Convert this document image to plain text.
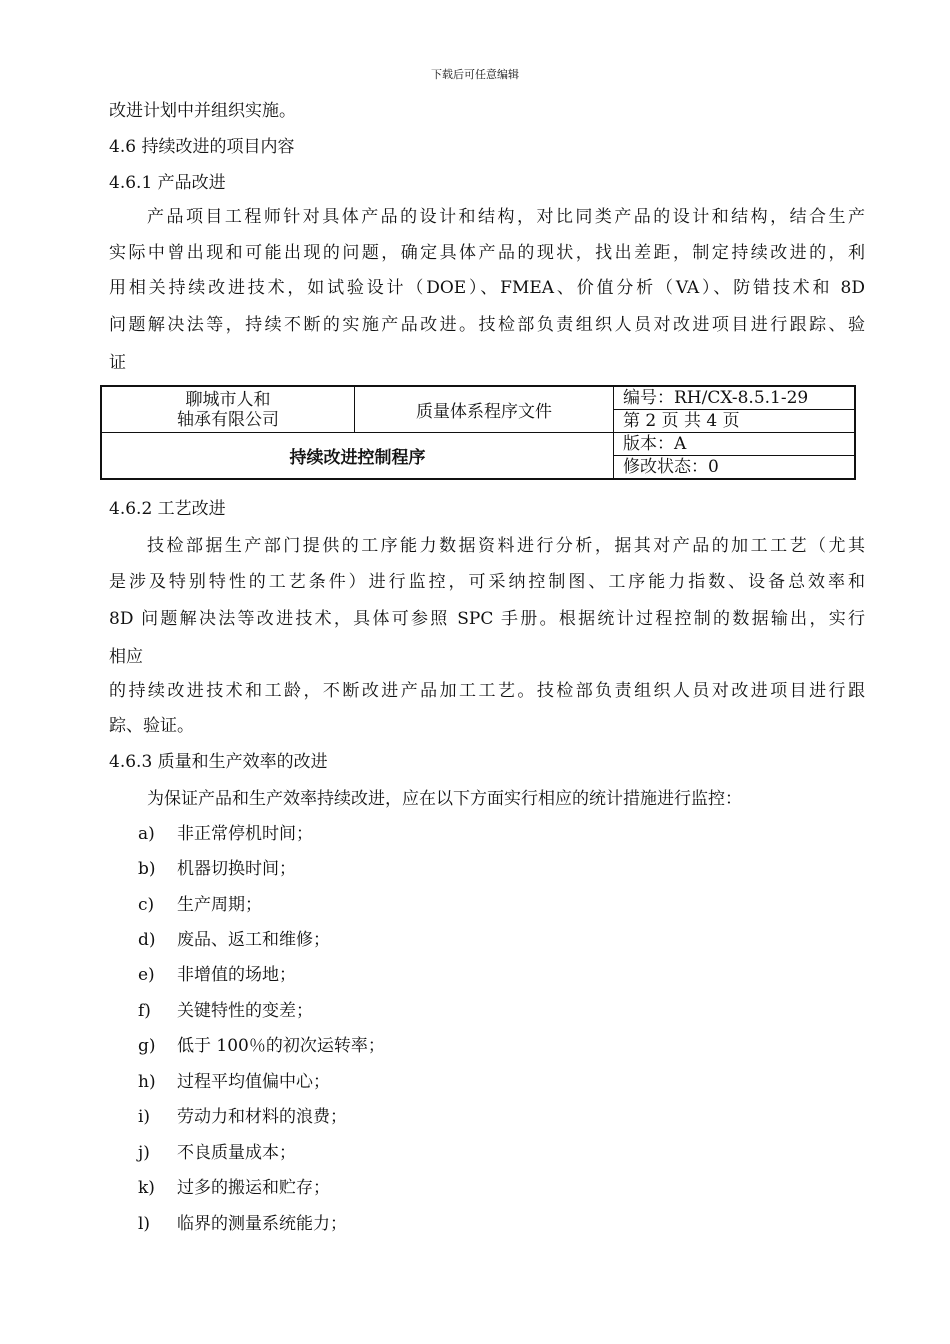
下载后可任意编辑
改进计划中并组织实施。
4.6 持续改进的项目内容
4.6.1 产品改进
产品项目工程师针对具体产品的设计和结构，对比同类产品的设计和结构，结合生产
实际中曾出现和可能出现的问题，确定具体产品的现状，找出差距，制定持续改进的，利
用相关持续改进技术，如试验设计（DOE）、FMEA、价值分析（VA）、防错技术和 8D
问题解决法等，持续不断的实施产品改进。技检部负责组织人员对改进项目进行跟踪、验
证
聊城市人和
轴承有限公司	质量体系程序文件	编号：RH/CX-8.5.1-29
		第 2 页 共 4 页
持续改进控制程序		版本：A
		修改状态：0
4.6.2 工艺改进
技检部据生产部门提供的工序能力数据资料进行分析，据其对产品的加工工艺（尤其
是涉及特别特性的工艺条件）进行监控，可采纳控制图、工序能力指数、设备总效率和
8D 问题解决法等改进技术，具体可参照 SPC 手册。根据统计过程控制的数据输出，实行
相应
的持续改进技术和工龄，不断改进产品加工工艺。技检部负责组织人员对改进项目进行跟
踪、验证。
4.6.3 质量和生产效率的改进
为保证产品和生产效率持续改进，应在以下方面实行相应的统计措施进行监控：
a) 非正常停机时间；
b) 机器切换时间；
c) 生产周期；
d) 废品、返工和维修；
e) 非增值的场地；
f) 关键特性的变差；
g) 低于 100％的初次运转率；
h) 过程平均值偏中心；
i) 劳动力和材料的浪费；
j) 不良质量成本；
k) 过多的搬运和贮存；
l) 临界的测量系统能力；
